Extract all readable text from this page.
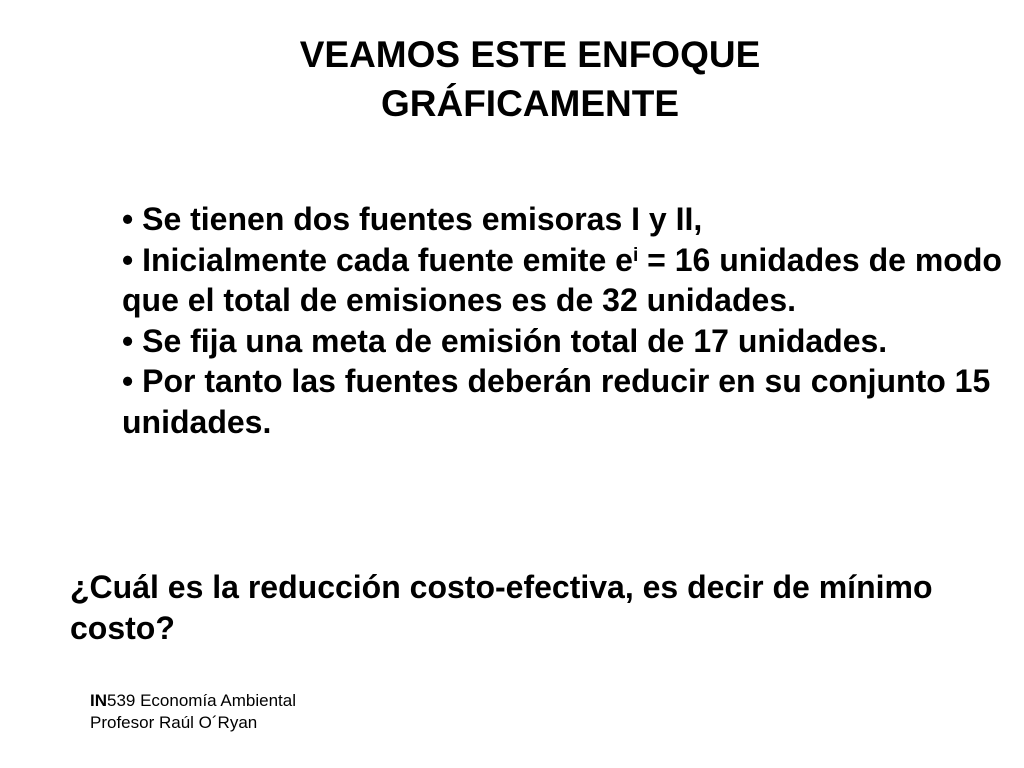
VEAMOS ESTE ENFOQUE
GRÁFICAMENTE
• Se tienen dos fuentes emisoras I y II,
• Inicialmente cada fuente emite $e^i = 16$ unidades de modo que el total de emisiones es de 32 unidades.
• Se fija una meta de emisión total de 17 unidades.
• Por tanto las fuentes deberán reducir en su conjunto 15 unidades.
¿Cuál es la reducción costo-efectiva, es decir de mínimo costo?
IN539 Economía Ambiental
Profesor Raúl O´Ryan
